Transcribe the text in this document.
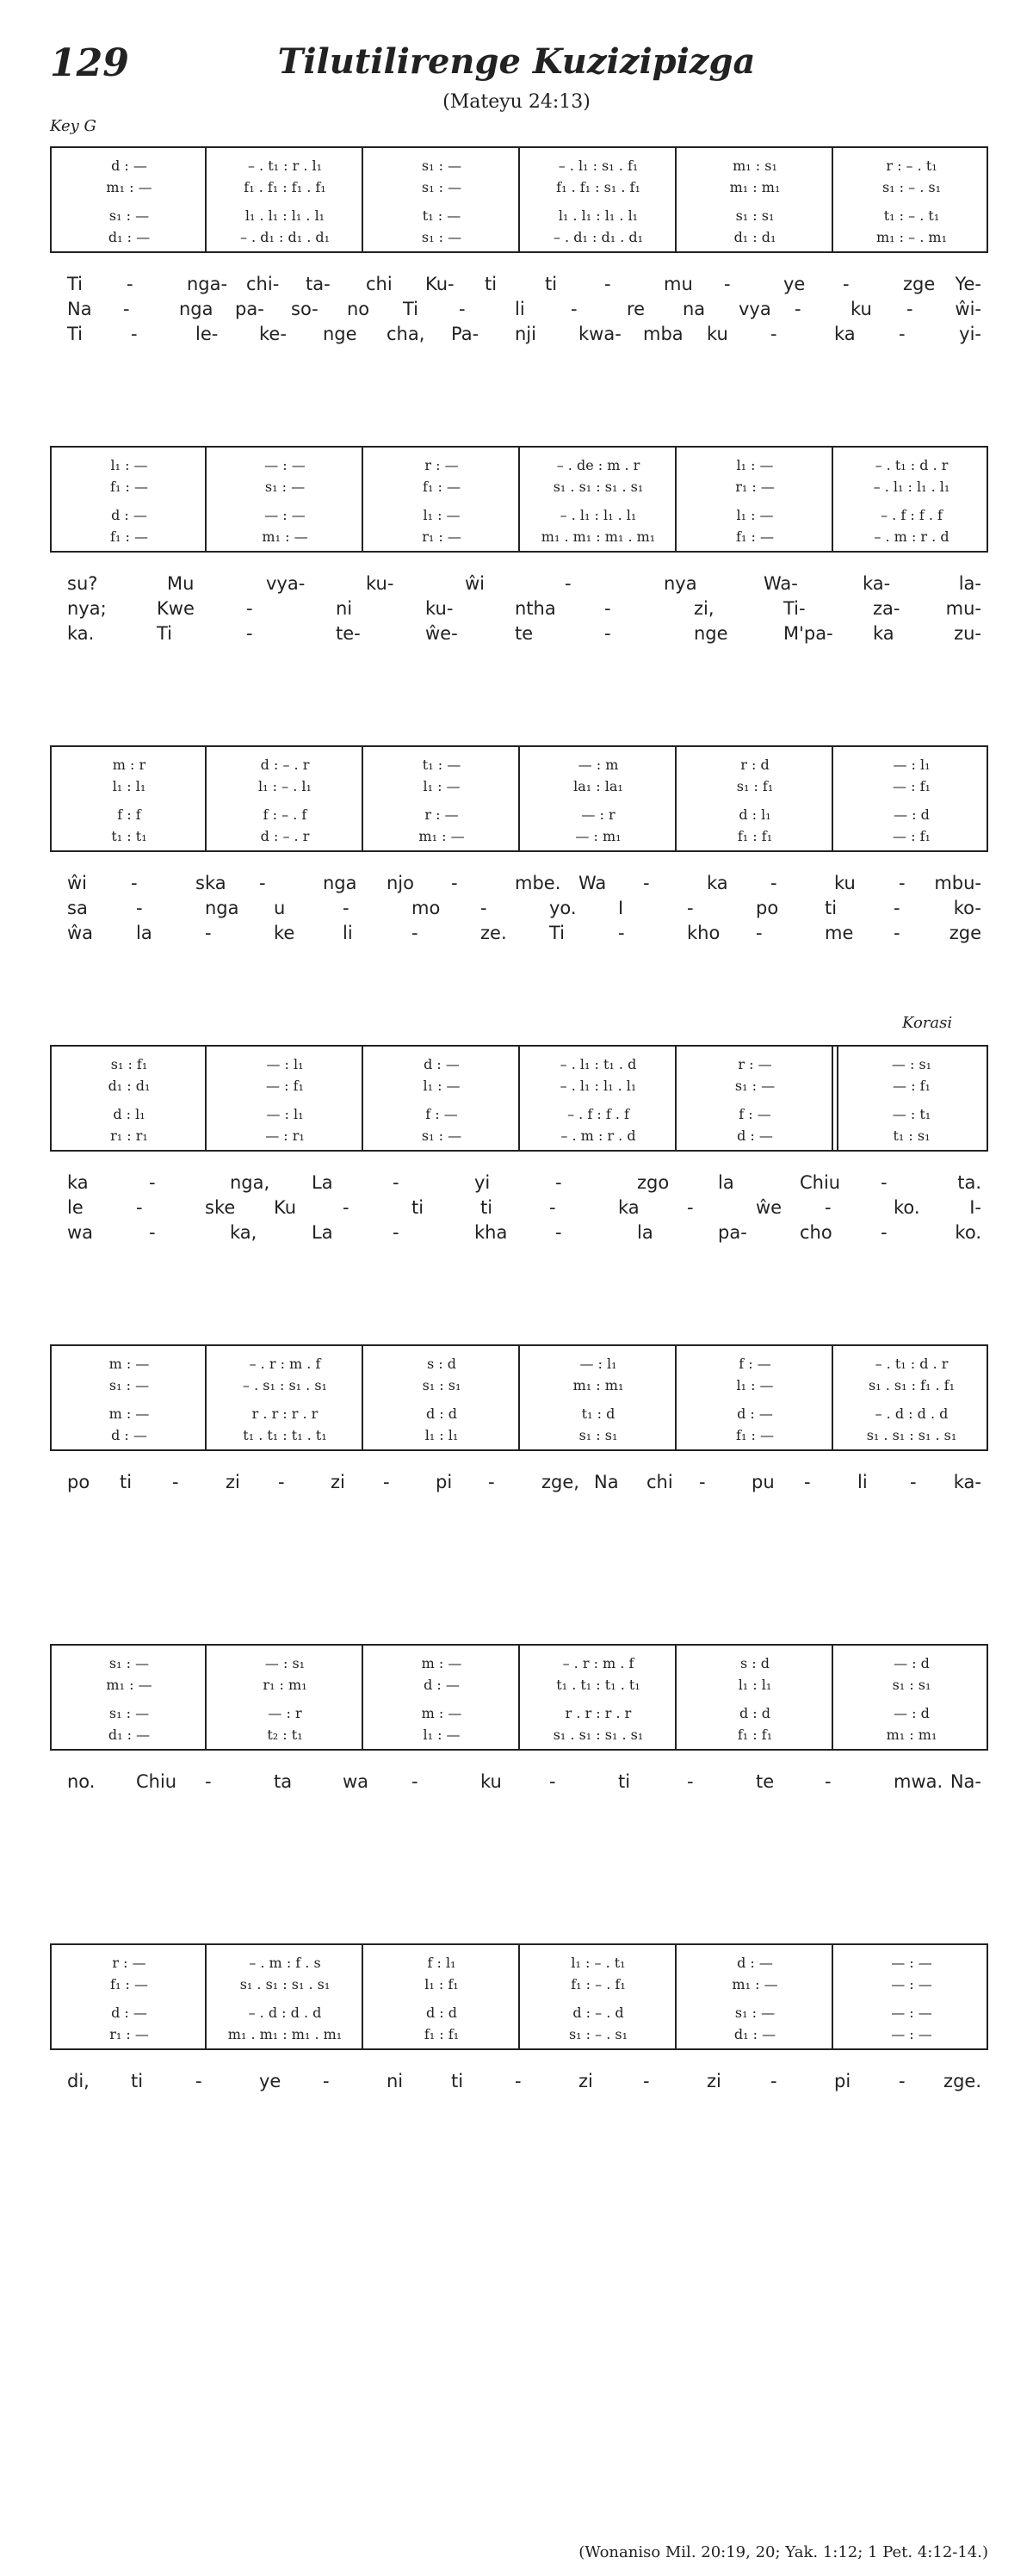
129	Tilutilirenge Kuzizipizga
(Mateyu 24:13)
Key G
Korasi
d : —	– . t₁ : r . l₁	s₁ : —	– . l₁ : s₁ . f₁	m₁ : s₁	r : – . t₁
m₁ : —	f₁ . f₁ : f₁ . f₁	s₁ : —	f₁ . f₁ : s₁ . f₁	m₁ : m₁	s₁ : – . s₁
s₁ : —	l₁ . l₁ : l₁ . l₁	t₁ : —	l₁ . l₁ : l₁ . l₁	s₁ : s₁	t₁ : – . t₁
d₁ : —	– . d₁ : d₁ . d₁	s₁ : —	– . d₁ : d₁ . d₁	d₁ : d₁	m₁ : – . m₁
Ti -	nga- chi- ta- chi Ku- ti	ti	-	mu -	ye -	zge Ye-
Na -	nga pa- so- no Ti -	li	-	re na vya -	ku - ŵi-
Ti	-	le- ke- nge cha, Pa- nji kwa- mba ku -	ka -	yi-
l₁ : —	— : —	r : —	– . de : m . r	l₁ : —	– . t₁ : d . r
f₁ : —	s₁ : —	f₁ : —	s₁ . s₁ : s₁ . s₁	r₁ : —	– . l₁ : l₁ . l₁
d : —	— : —	l₁ : —	– . l₁ : l₁ . l₁	l₁ : —	– . f : f . f
f₁ : —	m₁ : —	r₁ : —	m₁ . m₁ : m₁ . m₁	f₁ : —	– . m : r . d
su?	Mu	vya-	ku-	ŵi	-	nya	Wa-	ka-	la-
nya;	Kwe	-	ni	ku-	ntha	-	zi,	Ti-	za-	mu-
ka.	Ti	-	te-	ŵe-	te	-	nge	M'pa- ka	zu-
m : r	d : – . r	t₁ : —	— : m	r : d	— : l₁
l₁ : l₁	l₁ : – . l₁	l₁ : —	la₁ : la₁	s₁ : f₁	— : f₁
f : f	f : – . f	r : —	— : r	d : l₁	— : d
t₁ : t₁	d : – . r	m₁ : —	— : m₁	f₁ : f₁	— : f₁
ŵi -	ska -	nga njo -	mbe. Wa -	ka -	ku - mbu-
sa	-	nga u	-	mo -	yo. I	-	po	ti	-	ko-
ŵa la	-	ke	li	-	ze. Ti	-	kho -	me -	zge
s₁ : f₁	— : l₁	d : —	– . l₁ : t₁ . d	r : —	— : s₁
d₁ : d₁	— : f₁	l₁ : —	– . l₁ : l₁ . l₁	s₁ : —	— : f₁
d : l₁	— : l₁	f : —	– . f : f . f	f : —	— : t₁
r₁ : r₁	— : r₁	s₁ : —	– . m : r . d	d : —	t₁ : s₁
ka	-	nga, La	-	yi	-	zgo	la	Chiu -	ta.
le	-	ske Ku	-	ti	ti	-	ka	-	ŵe -	ko.	I-
wa	-	ka,	La	-	kha	-	la	pa-	cho	-	ko.
m : —	– . r : m . f	s : d	— : l₁	f : —	– . t₁ : d . r
s₁ : —	– . s₁ : s₁ . s₁	s₁ : s₁	m₁ : m₁	l₁ : —	s₁ . s₁ : f₁ . f₁
m : —	r . r : r . r	d : d	t₁ : d	d : —	– . d : d . d
d : —	t₁ . t₁ : t₁ . t₁	l₁ : l₁	s₁ : s₁	f₁ : —	s₁ . s₁ : s₁ . s₁
po ti -	zi -	zi -	pi -	zge, Na chi -	pu -	li - ka-
s₁ : —	— : s₁	m : —	– . r : m . f	s : d	— : d
m₁ : —	r₁ : m₁	d : —	t₁ . t₁ : t₁ . t₁	l₁ : l₁	s₁ : s₁
s₁ : —	— : r	m : —	r . r : r . r	d : d	— : d
d₁ : —	t₂ : t₁	l₁ : —	s₁ . s₁ : s₁ . s₁	f₁ : f₁	m₁ : m₁
no. Chiu -	ta	wa -	ku	-	ti	-	te	-	mwa. Na-
r : —	– . m : f . s	f : l₁	l₁ : – . t₁	d : —	— : —
f₁ : —	s₁ . s₁ : s₁ . s₁	l₁ : f₁	f₁ : – . f₁	m₁ : —	— : —
d : —	– . d : d . d	d : d	d : – . d	s₁ : —	— : —
r₁ : —	m₁ . m₁ : m₁ . m₁	f₁ : f₁	s₁ : – . s₁	d₁ : —	— : —
di, ti	-	ye -	ni	ti	-	zi	-	zi	-	pi	- zge.
(Wonaniso Mil. 20:19, 20; Yak. 1:12; 1 Pet. 4:12-14.)
